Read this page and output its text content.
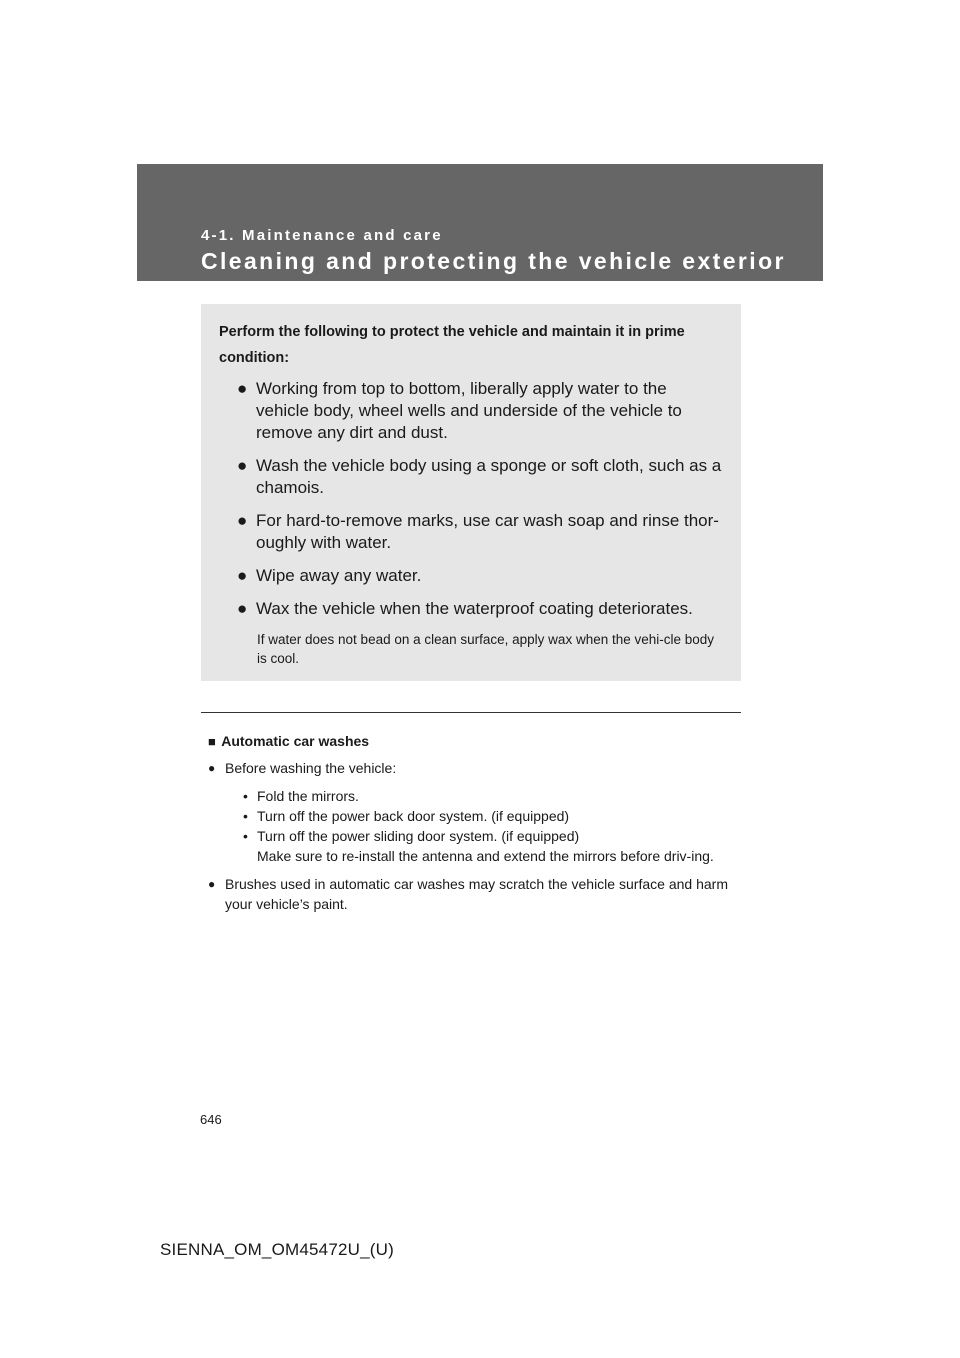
4-1. Maintenance and care
Cleaning and protecting the vehicle exterior

Perform the following to protect the vehicle and maintain it in prime condition:

● Working from top to bottom, liberally apply water to the vehicle body, wheel wells and underside of the vehicle to remove any dirt and dust.
● Wash the vehicle body using a sponge or soft cloth, such as a chamois.
● For hard-to-remove marks, use car wash soap and rinse thor-oughly with water.
● Wipe away any water.
● Wax the vehicle when the waterproof coating deteriorates.
If water does not bead on a clean surface, apply wax when the vehi-cle body is cool.

■ Automatic car washes

● Before washing the vehicle:
• Fold the mirrors.
• Turn off the power back door system. (if equipped)
• Turn off the power sliding door system. (if equipped)
Make sure to re-install the antenna and extend the mirrors before driv-ing.
● Brushes used in automatic car washes may scratch the vehicle surface and harm your vehicle’s paint.
646
SIENNA_OM_OM45472U_(U)
